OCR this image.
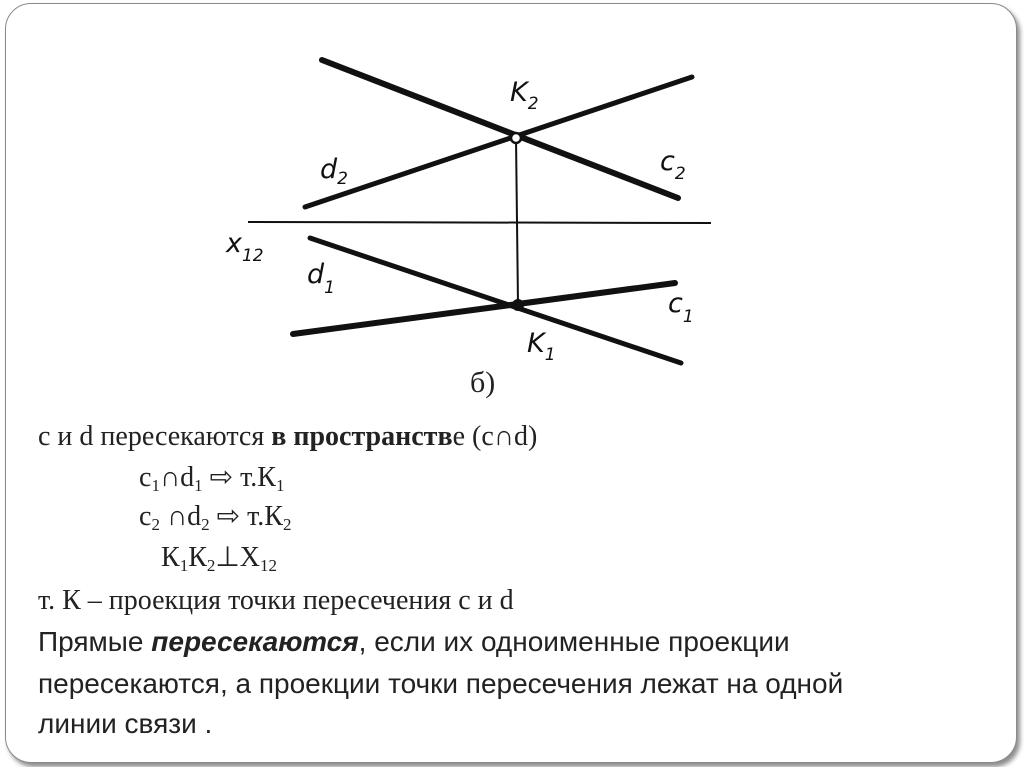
$K_2$
$d_2$
$c_2$
$x_{12}$
$d_1$	$c_1$
$K_1$
б)
с и d пересекаются в пространстве (с∩d)
$с_1\cap d_1$ ⇨ $т.К_1$
$с_2$ $\cap d_2$ ⇨ $т.К_2$
$К_1К_2\perp Х_{12}$
т. К – проекция точки пересечения с и d
Прямые пересекаются, если их одноименные проекции
пересекаются, а проекции точки пересечения лежат на одной
линии связи .
